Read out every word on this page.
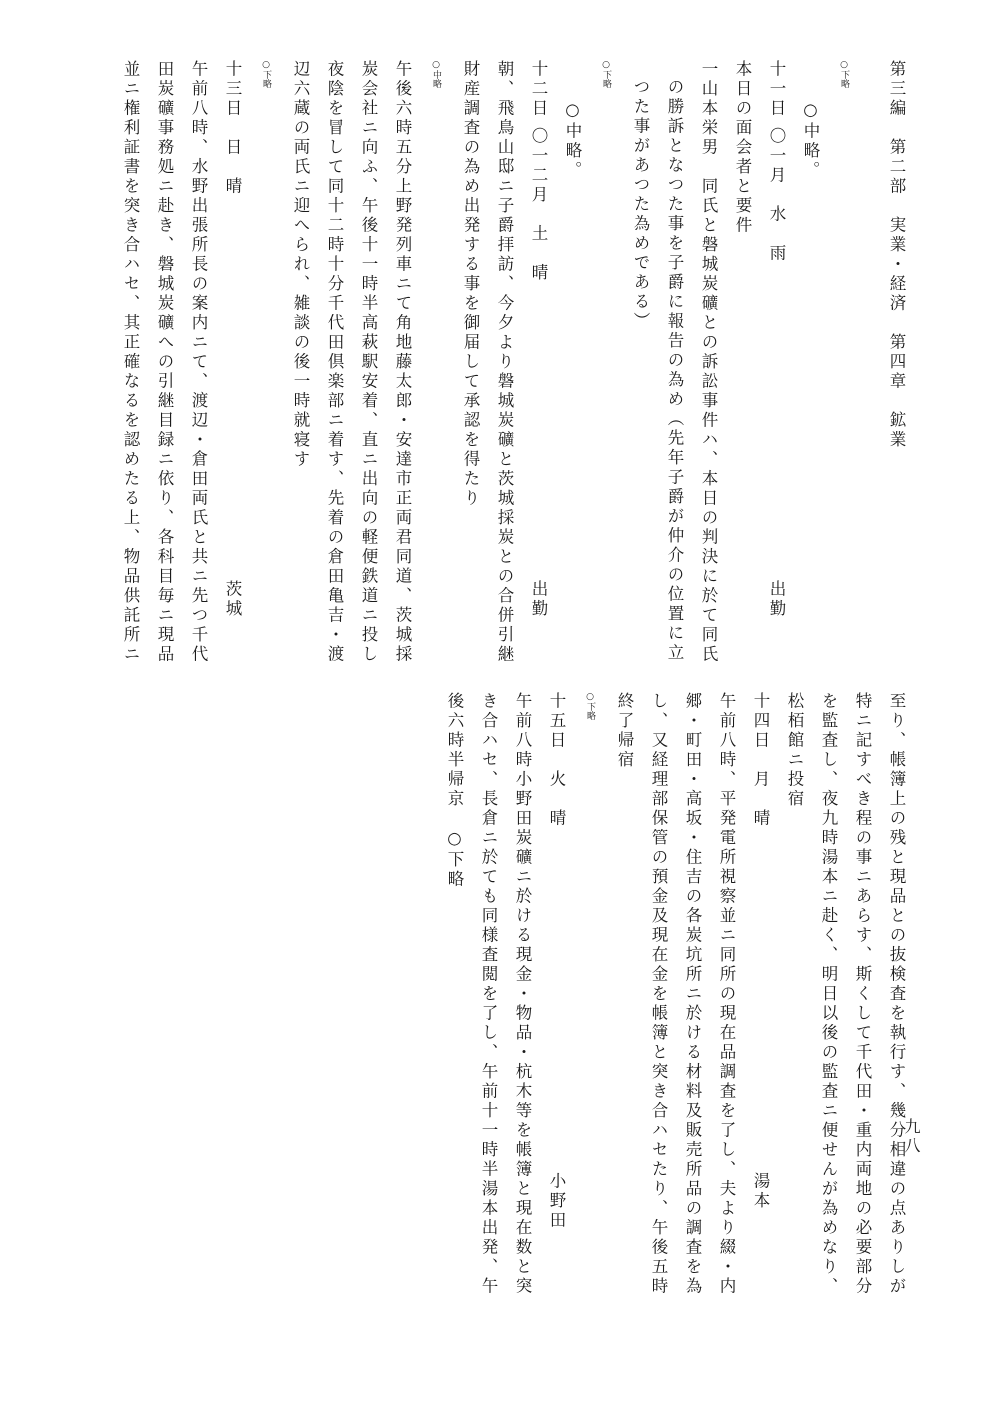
第三編　第二部　実業・経済　第四章　鉱業
○下略
○中略。
十一日 〇一月　水　雨
出勤
本日の面会者と要件
一山本栄男　同氏と磐城炭礦との訴訟事件ハ、本日の判決に於て同氏
の勝訴となつた事を子爵に報告の為め（先年子爵が仲介の位置に立
つた事があつた為めである）
○下略
○中略。
十二日 〇一二月　土　晴
出勤
朝、飛鳥山邸ニ子爵拝訪、今夕より磐城炭礦と茨城採炭との合併引継
財産調査の為め出発する事を御届して承認を得たり
○中略
午後六時五分上野発列車ニて角地藤太郎・安達市正両君同道、茨城採
炭会社ニ向ふ、午後十一時半高萩駅安着、直ニ出向の軽便鉄道ニ投し
夜陰を冒して同十二時十分千代田倶楽部ニ着す、先着の倉田亀吉・渡
辺六蔵の両氏ニ迎へられ、雑談の後一時就寝す
○下略
十三日　日　晴
茨城
午前八時、水野出張所長の案内ニて、渡辺・倉田両氏と共ニ先つ千代
田炭礦事務処ニ赴き、磐城炭礦への引継目録ニ依り、各科目毎ニ現品
並ニ権利証書を突き合ハセ、其正確なるを認めたる上、物品供託所ニ
至り、帳簿上の残と現品との抜検査を執行す、幾分相違の点ありしが
特ニ記すべき程の事ニあらす、斯くして千代田・重内両地の必要部分
を監査し、夜九時湯本ニ赴く、明日以後の監査ニ便せんが為めなり、
松栢館ニ投宿
十四日　月　晴
湯本
午前八時、平発電所視察並ニ同所の現在品調査を了し、夫より綴・内
郷・町田・高坂・住吉の各炭坑所ニ於ける材料及販売所品の調査を為
し、又経理部保管の預金及現在金を帳簿と突き合ハセたり、午後五時
終了帰宿
○下略
十五日　火　晴
小野田
午前八時小野田炭礦ニ於ける現金・物品・杭木等を帳簿と現在数と突
き合ハセ、長倉ニ於ても同様査閲を了し、午前十一時半湯本出発、午
後六時半帰京　○下略
九八
